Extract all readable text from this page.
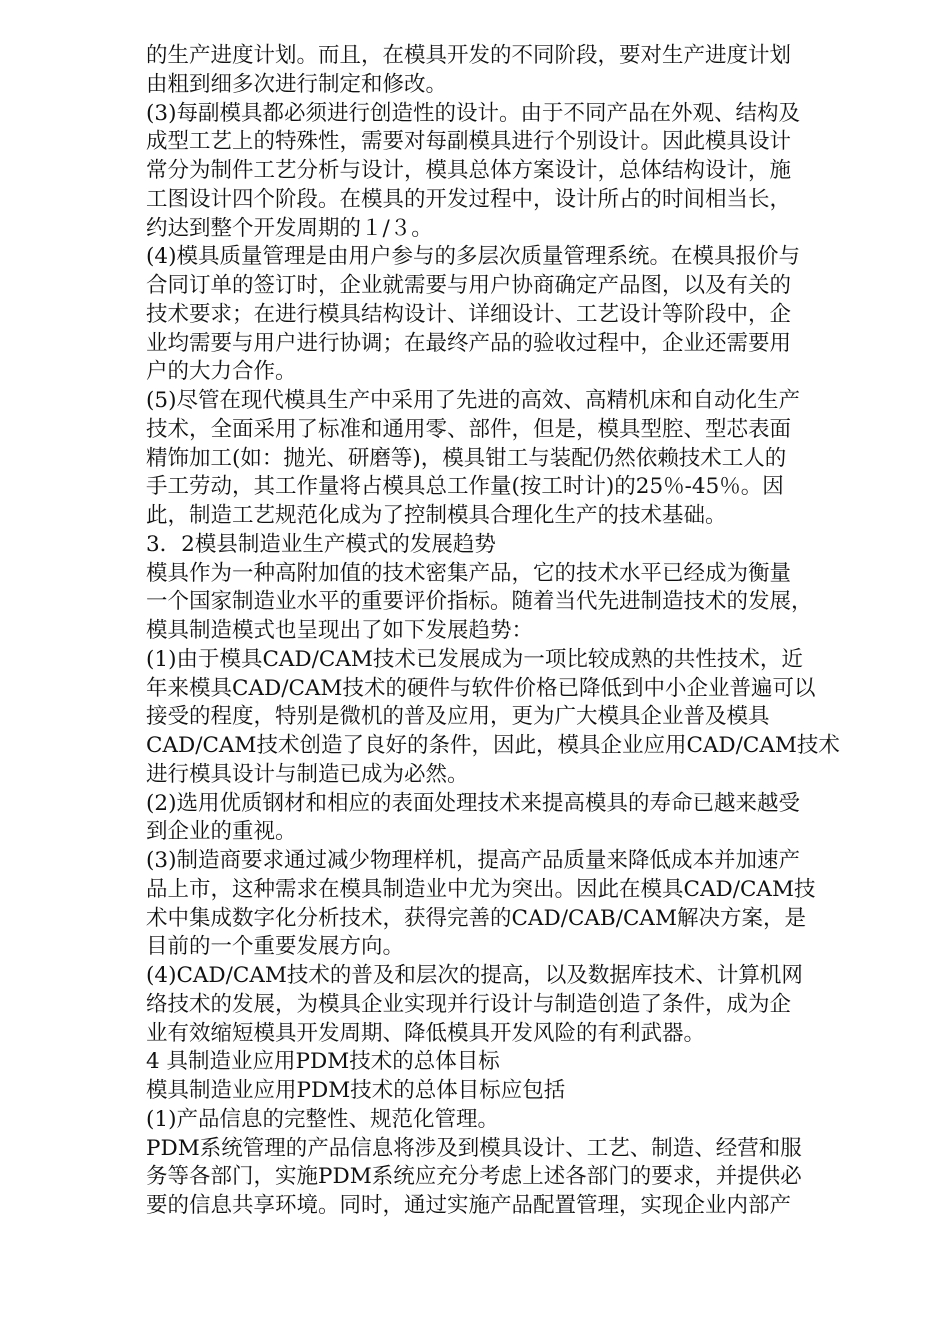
的生产进度计划。而且，在模具开发的不同阶段，要对生产进度计划
由粗到细多次进行制定和修改。
(3)每副模具都必须进行创造性的设计。由于不同产品在外观、结构及
成型工艺上的特殊性，需要对每副模具进行个别设计。因此模具设计
常分为制件工艺分析与设计，模具总体方案设计，总体结构设计，施
工图设计四个阶段。在模具的开发过程中，设计所占的时间相当长，
约达到整个开发周期的１/３。
(4)模具质量管理是由用户参与的多层次质量管理系统。在模具报价与
合同订单的签订时，企业就需要与用户协商确定产品图，以及有关的
技术要求；在进行模具结构设计、详细设计、工艺设计等阶段中，企
业均需要与用户进行协调；在最终产品的验收过程中，企业还需要用
户的大力合作。
(5)尽管在现代模具生产中采用了先进的高效、高精机床和自动化生产
技术，全面采用了标准和通用零、部件，但是，模具型腔、型芯表面
精饰加工(如：抛光、研磨等)，模具钳工与装配仍然依赖技术工人的
手工劳动，其工作量将占模具总工作量(按工时计)的25％-45％。因
此，制造工艺规范化成为了控制模具合理化生产的技术基础。
3．2模县制造业生产模式的发展趋势
模具作为一种高附加值的技术密集产品，它的技术水平已经成为衡量
一个国家制造业水平的重要评价指标。随着当代先进制造技术的发展，
模具制造模式也呈现出了如下发展趋势：
(1)由于模具CAD/CAM技术已发展成为一项比较成熟的共性技术，近
年来模具CAD/CAM技术的硬件与软件价格已降低到中小企业普遍可以
接受的程度，特别是微机的普及应用，更为广大模具企业普及模具
CAD/CAM技术创造了良好的条件，因此，模具企业应用CAD/CAM技术
进行模具设计与制造已成为必然。
(2)选用优质钢材和相应的表面处理技术来提高模具的寿命已越来越受
到企业的重视。
(3)制造商要求通过减少物理样机，提高产品质量来降低成本并加速产
品上市，这种需求在模具制造业中尤为突出。因此在模具CAD/CAM技
术中集成数字化分析技术，获得完善的CAD/CAB/CAM解决方案，是
目前的一个重要发展方向。
(4)CAD/CAM技术的普及和层次的提高，以及数据库技术、计算机网
络技术的发展，为模具企业实现并行设计与制造创造了条件，成为企
业有效缩短模具开发周期、降低模具开发风险的有利武器。
4 具制造业应用PDM技术的总体目标
模具制造业应用PDM技术的总体目标应包括
(1)产品信息的完整性、规范化管理。
PDM系统管理的产品信息将涉及到模具设计、工艺、制造、经营和服
务等各部门，实施PDM系统应充分考虑上述各部门的要求，并提供必
要的信息共享环境。同时，通过实施产品配置管理，实现企业内部产
